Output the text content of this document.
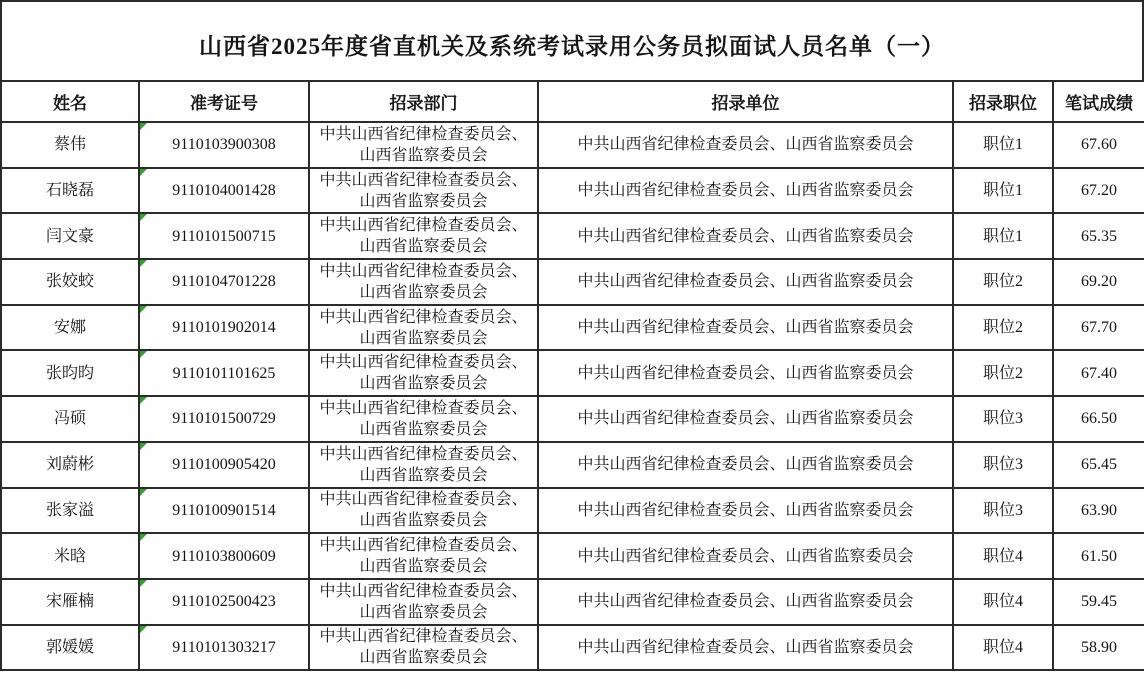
山西省2025年度省直机关及系统考试录用公务员拟面试人员名单（一）
姓名	准考证号	招录部门	招录单位	招录职位	笔试成绩
蔡伟	9110103900308	中共山西省纪律检查委员会、山西省监察委员会	中共山西省纪律检查委员会、山西省监察委员会	职位1	67.60
石晓磊	9110104001428	中共山西省纪律检查委员会、山西省监察委员会	中共山西省纪律检查委员会、山西省监察委员会	职位1	67.20
闫文豪	9110101500715	中共山西省纪律检查委员会、山西省监察委员会	中共山西省纪律检查委员会、山西省监察委员会	职位1	65.35
张姣蛟	9110104701228	中共山西省纪律检查委员会、山西省监察委员会	中共山西省纪律检查委员会、山西省监察委员会	职位2	69.20
安娜	9110101902014	中共山西省纪律检查委员会、山西省监察委员会	中共山西省纪律检查委员会、山西省监察委员会	职位2	67.70
张昀昀	9110101101625	中共山西省纪律检查委员会、山西省监察委员会	中共山西省纪律检查委员会、山西省监察委员会	职位2	67.40
冯硕	9110101500729	中共山西省纪律检查委员会、山西省监察委员会	中共山西省纪律检查委员会、山西省监察委员会	职位3	66.50
刘蔚彬	9110100905420	中共山西省纪律检查委员会、山西省监察委员会	中共山西省纪律检查委员会、山西省监察委员会	职位3	65.45
张家溢	9110100901514	中共山西省纪律检查委员会、山西省监察委员会	中共山西省纪律检查委员会、山西省监察委员会	职位3	63.90
米晗	9110103800609	中共山西省纪律检查委员会、山西省监察委员会	中共山西省纪律检查委员会、山西省监察委员会	职位4	61.50
宋雁楠	9110102500423	中共山西省纪律检查委员会、山西省监察委员会	中共山西省纪律检查委员会、山西省监察委员会	职位4	59.45
郭媛媛	9110101303217	中共山西省纪律检查委员会、山西省监察委员会	中共山西省纪律检查委员会、山西省监察委员会	职位4	58.90
